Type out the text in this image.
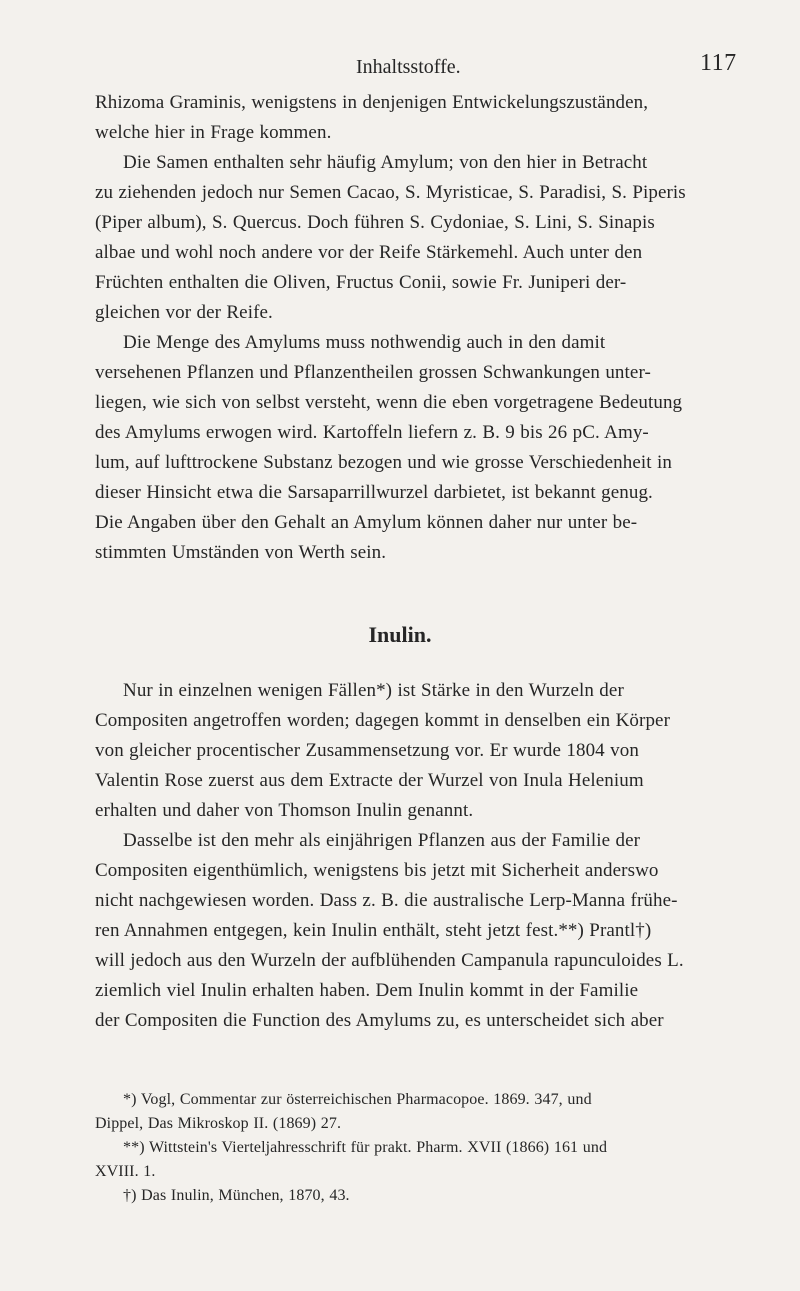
Inhaltsstoffe.	117
Rhizoma Graminis, wenigstens in denjenigen Entwickelungszuständen,
welche hier in Frage kommen.
Die Samen enthalten sehr häufig Amylum; von den hier in Betracht
zu ziehenden jedoch nur Semen Cacao, S. Myristicae, S. Paradisi, S. Piperis
(Piper album), S. Quercus. Doch führen S. Cydoniae, S. Lini, S. Sinapis
albae und wohl noch andere vor der Reife Stärkemehl. Auch unter den
Früchten enthalten die Oliven, Fructus Conii, sowie Fr. Juniperi der-
gleichen vor der Reife.
Die Menge des Amylums muss nothwendig auch in den damit
versehenen Pflanzen und Pflanzentheilen grossen Schwankungen unter-
liegen, wie sich von selbst versteht, wenn die eben vorgetragene Bedeutung
des Amylums erwogen wird. Kartoffeln liefern z. B. 9 bis 26 pC. Amy-
lum, auf lufttrockene Substanz bezogen und wie grosse Verschiedenheit in
dieser Hinsicht etwa die Sarsaparrillwurzel darbietet, ist bekannt genug.
Die Angaben über den Gehalt an Amylum können daher nur unter be-
stimmten Umständen von Werth sein.
Inulin.
Nur in einzelnen wenigen Fällen*) ist Stärke in den Wurzeln der
Compositen angetroffen worden; dagegen kommt in denselben ein Körper
von gleicher procentischer Zusammensetzung vor. Er wurde 1804 von
Valentin Rose zuerst aus dem Extracte der Wurzel von Inula Helenium
erhalten und daher von Thomson Inulin genannt.
Dasselbe ist den mehr als einjährigen Pflanzen aus der Familie der
Compositen eigenthümlich, wenigstens bis jetzt mit Sicherheit anderswo
nicht nachgewiesen worden. Dass z. B. die australische Lerp-Manna frühe-
ren Annahmen entgegen, kein Inulin enthält, steht jetzt fest.**) Prantl†)
will jedoch aus den Wurzeln der aufblühenden Campanula rapunculoides L.
ziemlich viel Inulin erhalten haben. Dem Inulin kommt in der Familie
der Compositen die Function des Amylums zu, es unterscheidet sich aber
*) Vogl, Commentar zur österreichischen Pharmacopoe. 1869. 347, und
Dippel, Das Mikroskop II. (1869) 27.
**) Wittstein's Vierteljahresschrift für prakt. Pharm. XVII (1866) 161 und
XVIII. 1.
†) Das Inulin, München, 1870, 43.
